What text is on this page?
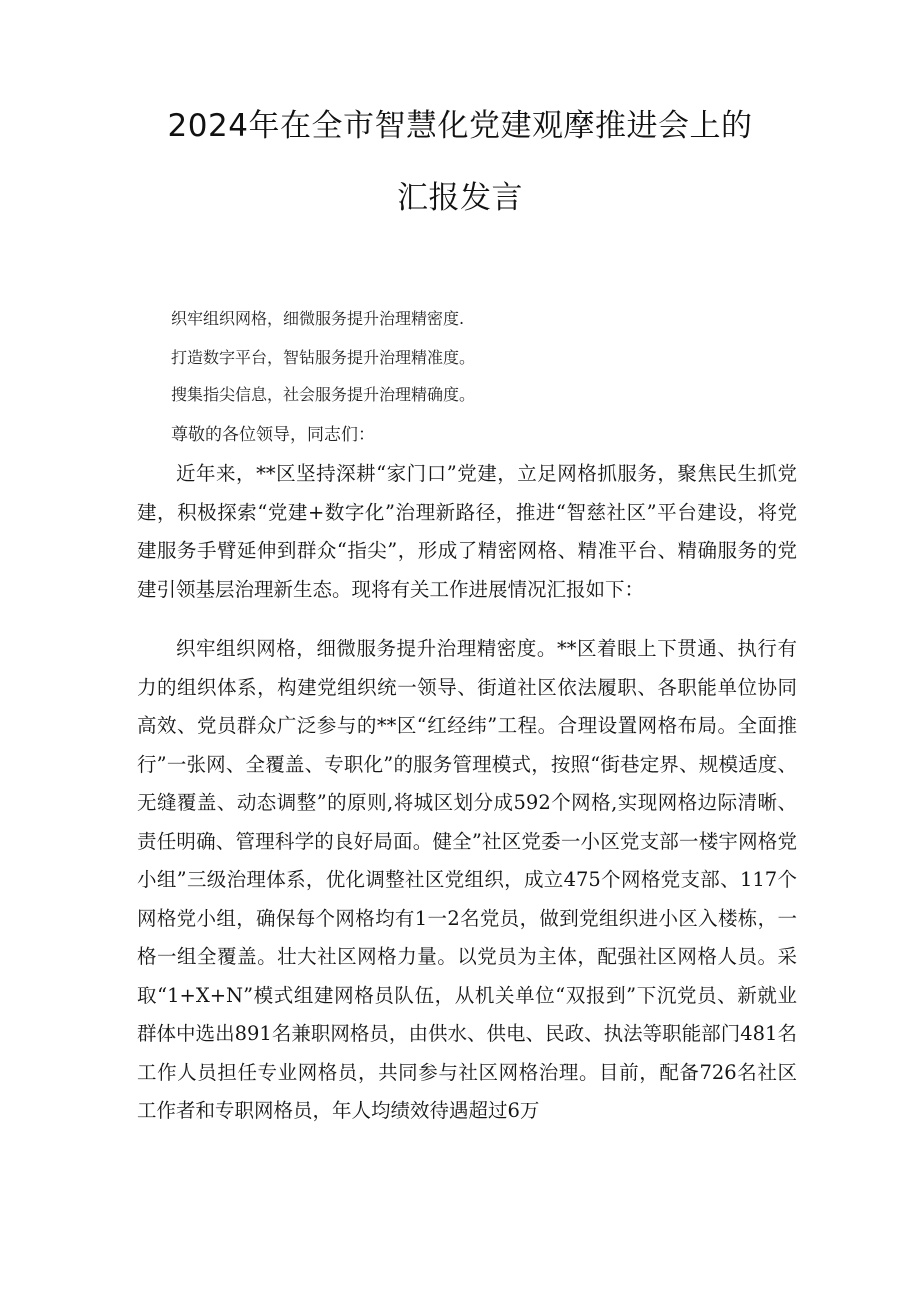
2024年在全市智慧化党建观摩推进会上的
汇报发言
织牢组织网格，细微服务提升治理精密度.
打造数字平台，智钻服务提升治理精准度。
搜集指尖信息，社会服务提升治理精确度。
尊敬的各位领导，同志们：

近年来，**区坚持深耕“家门口”党建，立足网格抓服务，聚焦民生抓党建，积极探索“党建+数字化”治理新路径，推进“智慈社区”平台建设，将党建服务手臂延伸到群众“指尖”，形成了精密网格、精准平台、精确服务的党建引领基层治理新生态。现将有关工作进展情况汇报如下：

织牢组织网格，细微服务提升治理精密度。**区着眼上下贯通、执行有力的组织体系，构建党组织统一领导、街道社区依法履职、各职能单位协同高效、党员群众广泛参与的**区“红经纬”工程。合理设置网格布局。全面推行”一张网、全覆盖、专职化”的服务管理模式，按照“街巷定界、规模适度、无缝覆盖、动态调整”的原则,将城区划分成592个网格,实现网格边际清晰、责任明确、管理科学的良好局面。健全”社区党委一小区党支部一楼宇网格党小组”三级治理体系，优化调整社区党组织，成立475个网格党支部、117个网格党小组，确保每个网格均有1一2名党员，做到党组织进小区入楼栋，一格一组全覆盖。壮大社区网格力量。以党员为主体，配强社区网格人员。采取“1+X+N”模式组建网格员队伍，从机关单位“双报到”下沉党员、新就业群体中选出891名兼职网格员，由供水、供电、民政、执法等职能部门481名工作人员担任专业网格员，共同参与社区网格治理。目前，配备726名社区工作者和专职网格员，年人均绩效待遇超过6万
